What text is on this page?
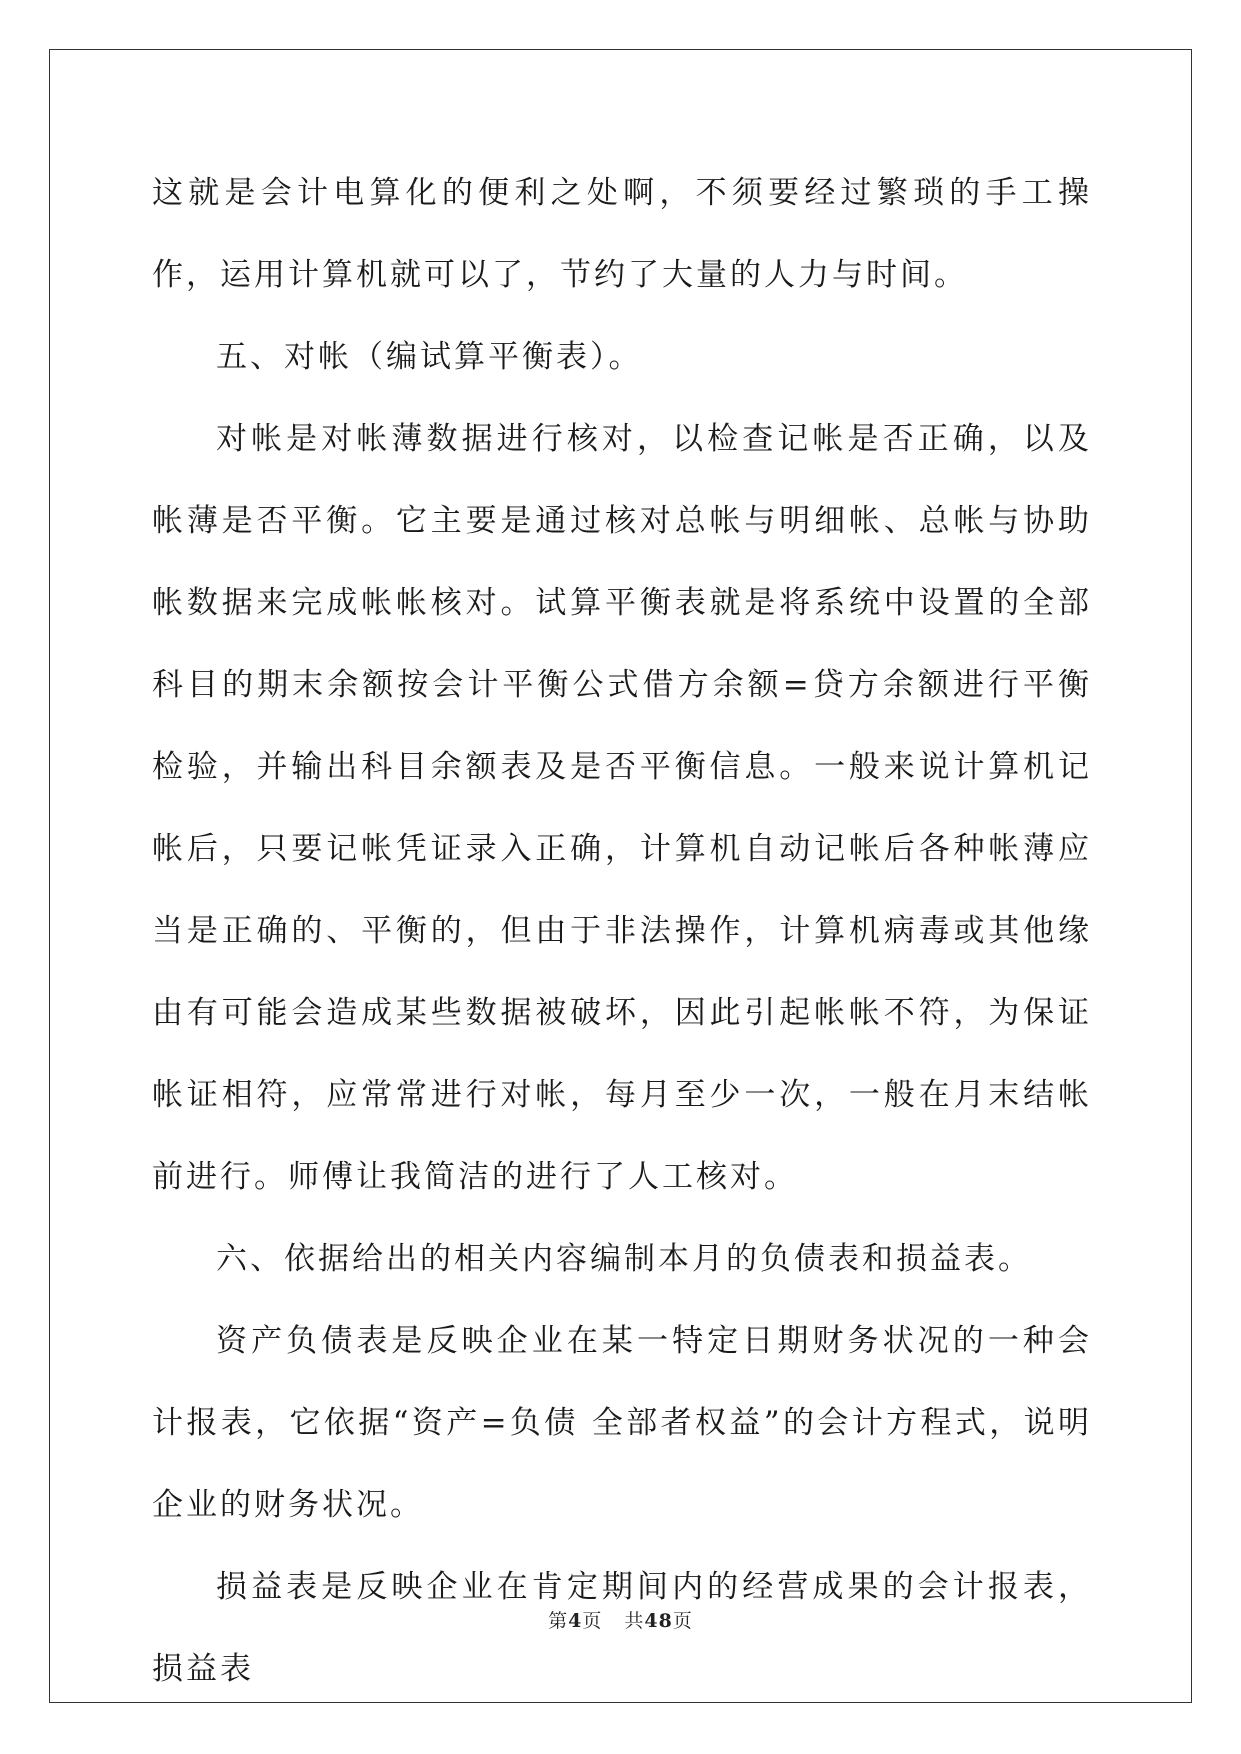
这就是会计电算化的便利之处啊，不须要经过繁琐的手工操作，运用计算机就可以了，节约了大量的人力与时间。

五、对帐（编试算平衡表）。

对帐是对帐薄数据进行核对，以检查记帐是否正确，以及帐薄是否平衡。它主要是通过核对总帐与明细帐、总帐与协助帐数据来完成帐帐核对。试算平衡表就是将系统中设置的全部科目的期末余额按会计平衡公式借方余额=贷方余额进行平衡检验，并输出科目余额表及是否平衡信息。一般来说计算机记帐后，只要记帐凭证录入正确，计算机自动记帐后各种帐薄应当是正确的、平衡的，但由于非法操作，计算机病毒或其他缘由有可能会造成某些数据被破坏，因此引起帐帐不符，为保证帐证相符，应常常进行对帐，每月至少一次，一般在月末结帐前进行。师傅让我简洁的进行了人工核对。

六、依据给出的相关内容编制本月的负债表和损益表。

资产负债表是反映企业在某一特定日期财务状况的一种会计报表，它依据“资产=负债 全部者权益”的会计方程式，说明企业的财务状况。

损益表是反映企业在肯定期间内的经营成果的会计报表，损益表

第4页 共48页
